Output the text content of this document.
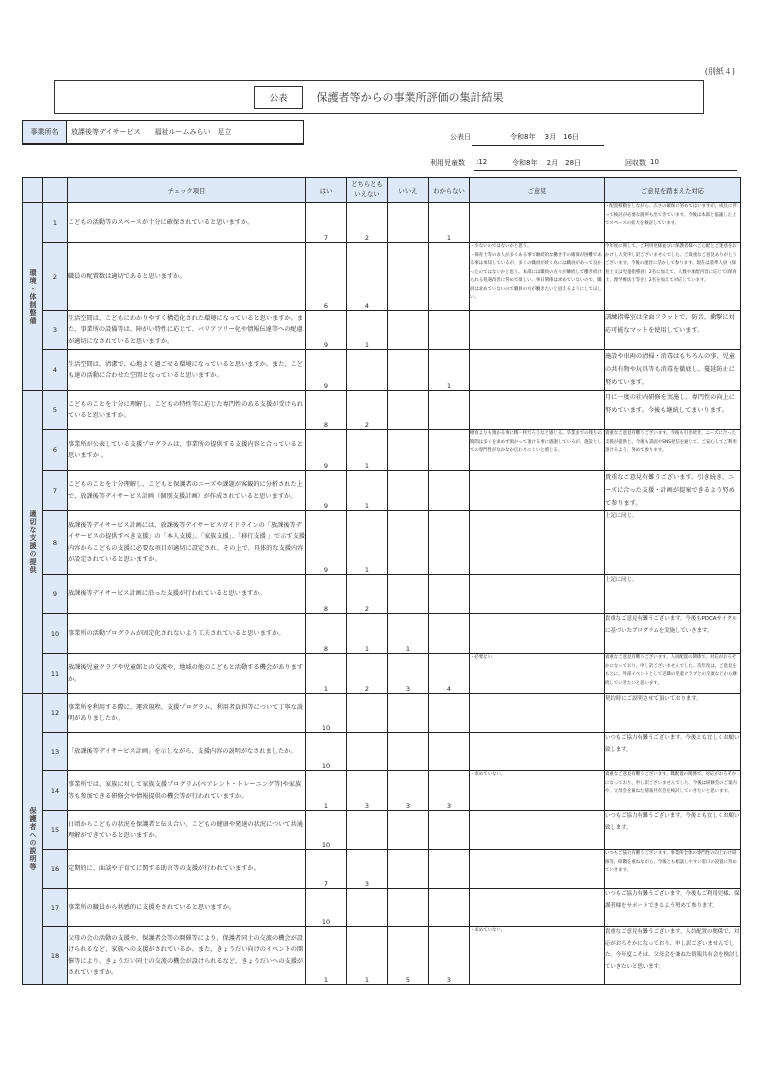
(別紙４)
公表	保護者等からの事業所評価の集計結果
事業所名	放課後等デイサービス　　福祉ルームみらい　足立
公表日	令和8年　 3月　16日
利用児童数 :12	令和8年　 2月　28日	回収数 10
		チェック項目	はい	どちらとも
いえない	いいえ	わからない	ご意見	ご意見を踏まえた対応
環境・体制整備	1	こどもの活動等のスペースが十分に確保されていると思いますか。	7	2		1		・配置移動をしながら、広さの確保に努めてはいますが、成長に伴って検討が必要な箇所も出てきています。今後は本部と協議した上でスペースの拡大を検討しています。
	2	職員の配置数は適切であると思いますか。	6	4			・少ないのではないかと思う。
・保育士等の求人が多くある事で継続的な働き手の確保が困難である事は承知しているが、多くの職員が続く為には職員があって良かったのではないかと思う。本部には職員の方々が継続して働き続けられる処遇改善に努めて欲しい。事日関係は求めていないので、職員は求めていないので職員の方が働きたいと思えるようにしてほしい。	今年度に関して、ご利用児様並びに保護者様へご心配とご迷惑をおかけし大変申し訳ございませんでした。ご貴重なご意見ありがとうございます。今後の運営に活かして参ります。現在は基準人員（保育士又は児童指導員）2名に加えて、人数や加配内容に応じて(保育士、理学療法士等を）2名を加えて対応しています。
	3	生活空間は、こどもにわかりやすく構造化された環境になっていると思いますか。また、事業所の設備等は、障がい特性に応じて、バリアフリー化や情報伝達等への配慮が適切になされていると思いますか。	9	1				訓練指導室は全面フラットで、防音、衝撃に対応可能なマットを使用しています。
	4	生活空間は、清潔で、心地よく過ごせる環境になっていると思いますか。また、こども達の活動に合わせた空間となっていると思いますか。	9			1		施設や車両の清掃・消毒はもちろんの事、児童の共有物や玩具等も消毒を徹底し、蔓延防止に努めています。
適切な支援の提供	5	こどものことを十分に理解し、こどもの特性等に応じた専門性のある支援が受けられていると思いますか。	8	2				月に一度の社内研修を実施し、専門性の向上に努めています。今後も継続してまいります。
	6	事業所が公表している支援プログラムは、事業所の提供する支援内容と合っていると思いますか 。	9	1			療育よりも預かる事に精一杯だろうなと感じる。卒業までの残りの期間は多くを求めず預かって頂ける事に感謝しているが、施設としての専門性がなかなか伝わりにくいと感じる。	貴重なご意見有難うございます。今後も引き続き、ニーズに合った支援が提供と、今後も書面やSNS発信を通じて、ご安心してご利用頂けるよう、努めて参ります。
	7	こどものことを十分理解し、こどもと保護者のニーズや課題が客観的に分析された上で、放課後等デイサービス計画（個別支援計画）が作成されていると思いますか。	9	1				貴重なご意見有難うございます。引き続き、ニーズに合った支援・計画が提案できるよう努めて参ります。
	8	放課後等デイサービス計画には、放課後等デイサービスガイドラインの「放課後等デイサービスの提供すべき支援」の「本人支援」、「家族支援」、「移行支援 」で示す支援内容からこどもの支援に必要な項目が適切に設定され、その上で、具体的な支援内容が設定されていると思いますか。	9	1				上記に同じ。
	9	放課後等デイサービス計画に沿った支援が行われていると思いますか。	8	2				上記に同じ。
	10	事業所の活動プログラムが固定化されないよう工夫されていると思いますか。	8	1	1			貴重なご意見有難うございます。今後もPDCAサイクルに基づいたプログラムを実施していきます。
	11	放課後児童クラブや児童館との交流や、地域の他のこどもと活動する機会がありますか。	1	2	3	4	・必要ない	貴重なご意見有難うございます。人員配置の関係で、対応がおろそかになっており、申し訳ございませんでした。次年度は、ご意見をもとに、外部イベントとして近隣の児童クラブとの交流などから継続していきたいと思います。
保護者への説明等	12	事業所を利用する際に、運営規程、支援プログラム、利用者負担等について丁寧な説明がありましたか。	10					契約時にご説明させて頂いております。
	13	「放課後等デイサービス計画」を示しながら、支援内容の説明がなされましたか。	10					いつもご協力有難うございます。今後とも宜しくお願い致します。
	14	事業所では、家族に対して家族支援プログラム(ペアレント・トレーニング等)や家族等も参加できる研修会や情報提供の機会等が行われていますか。	1	3	3	3	・求めていない。	貴重なご意見有難うございます。職配置の関係で、対応がおろそかになっており、申し訳ございませんでした。今後は研修会のご案内や、父母会を兼ねた情報共有会を検討していきたいと思います。
	15	日頃からこどもの状況を保護者と伝え合い、こどもの健康や発達の状況について共通理解ができていると思いますか。	10					いつもご協力有難うございます。今後とも宜しくお願い致します。
	16	定期的に、面談や子育てに関する助言等の支援が行われていますか。	7	3				いつもご協力有難うございます。事業所全体の専門性の向上わけ研修等、研鑽を重ねながら、今後とも相談しやすい窓口の設置に努めていきます。
	17	事業所の職員から共感的に支援をされていると思いますか。	10					いつもご協力有難うございます。今後もご利用児様、保護者様をサポートできるよう努めて参ります。
	18	父母の会の活動の支援や、保護者会等の開催等により、保護者同士の交流の機会が設けられるなど、家族への支援がされているか。また、きょうだい向けのイベントの開催等により、きょうだい同士の交流の機会が設けられるなど、きょうだいへの支援がされていますか。	1	1	5	3	・求めていない。	貴重なご意見有難うございます。人員配置の関係で、対応がおろそかになっており、申し訳ございませんでした。今年度こそは、父母会を兼ねた情報共有会を検討していきたいと思います。
